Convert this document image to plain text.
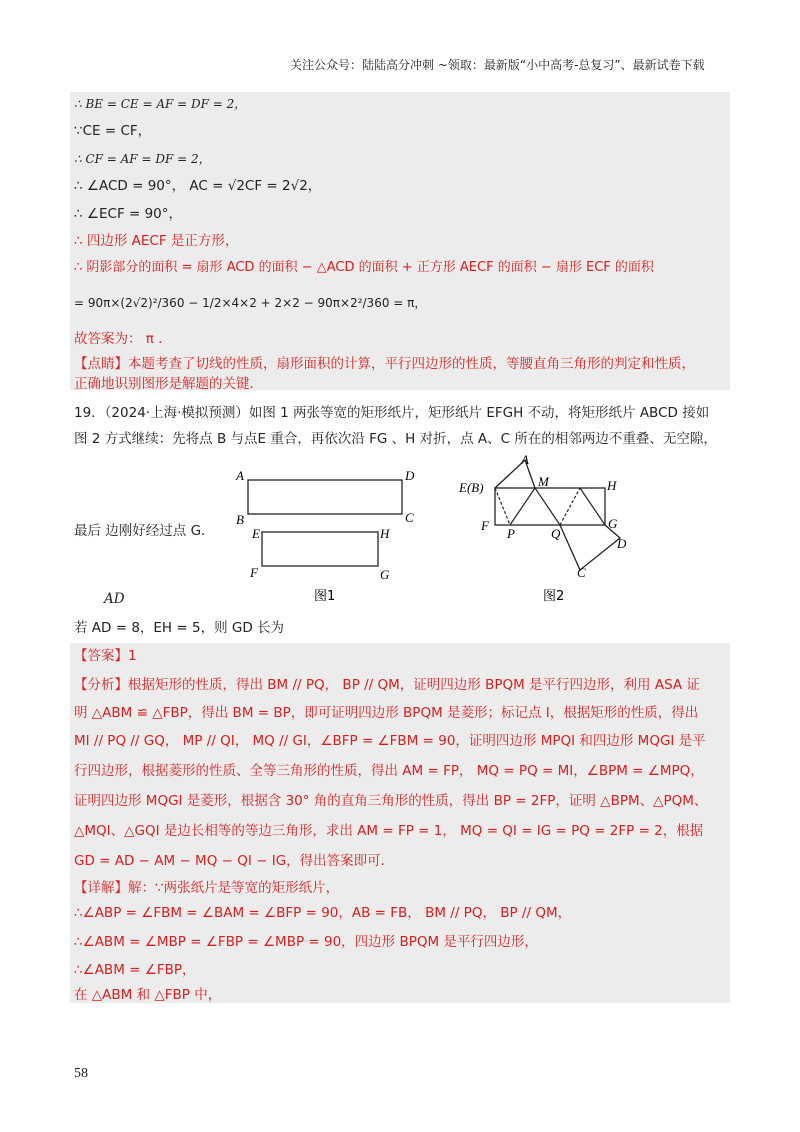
关注公众号：陆陆高分冲刺 ~领取：最新版“小中高考-总复习”、最新试卷下载
∴ BE = CE = AF = DF = 2，
∵CE = CF，
∴ CF = AF = DF = 2，
∴ ∠ACD = 90°， AC = √2CF = 2√2，
∴ ∠ECF = 90°，
∴ 四边形 AECF 是正方形，
∴ 阴影部分的面积 = 扇形 ACD 的面积 − △ACD 的面积 + 正方形 AECF 的面积 − 扇形 ECF 的面积
= 90π×(2√2)²/360 − 1/2×4×2 + 2×2 − 90π×2²/360 = π，
故答案为： π ．
【点睛】本题考查了切线的性质，扇形面积的计算，平行四边形的性质，等腰直角三角形的判定和性质，
正确地识别图形是解题的关键．
19．（2024·上海·模拟预测）如图 1 两张等宽的矩形纸片，矩形纸片 EFGH 不动，将矩形纸片 ABCD 接如
图 2 方式继续：先将点 B 与点E 重合，再依次沿 FG 、H 对折，点 A、C 所在的相邻两边不重叠、无空隙，
最后 边刚好经过点 G．
AD
若 AD = 8，EH = 5，则 GD 长为
A	D
B	C
E	H
F	G
图1
A
E(B)	M	H
F
P	Q
G
D
C
图2
【答案】1
【分析】根据矩形的性质，得出 BM // PQ， BP // QM，证明四边形 BPQM 是平行四边形，利用 ASA 证
明 △ABM ≌ △FBP，得出 BM = BP，即可证明四边形 BPQM 是菱形；标记点 I，根据矩形的性质，得出
MI // PQ // GQ， MP // QI， MQ // GI，∠BFP = ∠FBM = 90，证明四边形 MPQI 和四边形 MQGI 是平
行四边形，根据菱形的性质、全等三角形的性质，得出 AM = FP， MQ = PQ = MI，∠BPM = ∠MPQ，
证明四边形 MQGI 是菱形，根据含 30° 角的直角三角形的性质，得出 BP = 2FP，证明 △BPM、△PQM、
△MQI、△GQI 是边长相等的等边三角形，求出 AM = FP = 1， MQ = QI = IG = PQ = 2FP = 2，根据
GD = AD − AM − MQ − QI − IG，得出答案即可．
【详解】解：∵两张纸片是等宽的矩形纸片，
∴∠ABP = ∠FBM = ∠BAM = ∠BFP = 90，AB = FB， BM // PQ， BP // QM，
∴∠ABM = ∠MBP = ∠FBP = ∠MBP = 90，四边形 BPQM 是平行四边形，
∴∠ABM = ∠FBP，
在 △ABM 和 △FBP 中，
58
